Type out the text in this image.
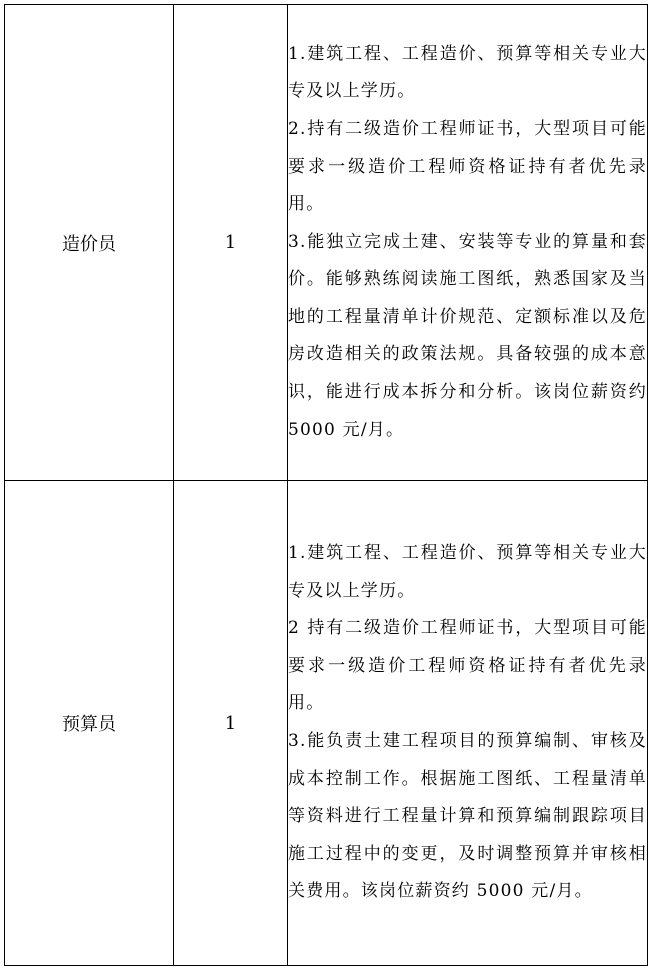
造价员	1	1.建筑工程、工程造价、预算等相关专业大专及以上学历。
2.持有二级造价工程师证书，大型项目可能要求一级造价工程师资格证持有者优先录用。
3.能独立完成土建、安装等专业的算量和套价。能够熟练阅读施工图纸，熟悉国家及当地的工程量清单计价规范、定额标准以及危房改造相关的政策法规。具备较强的成本意识，能进行成本拆分和分析。该岗位薪资约 5000 元/月。

预算员	1	1.建筑工程、工程造价、预算等相关专业大专及以上学历。
2 持有二级造价工程师证书，大型项目可能要求一级造价工程师资格证持有者优先录用。
3.能负责土建工程项目的预算编制、审核及成本控制工作。根据施工图纸、工程量清单等资料进行工程量计算和预算编制跟踪项目施工过程中的变更，及时调整预算并审核相关费用。该岗位薪资约 5000 元/月。
